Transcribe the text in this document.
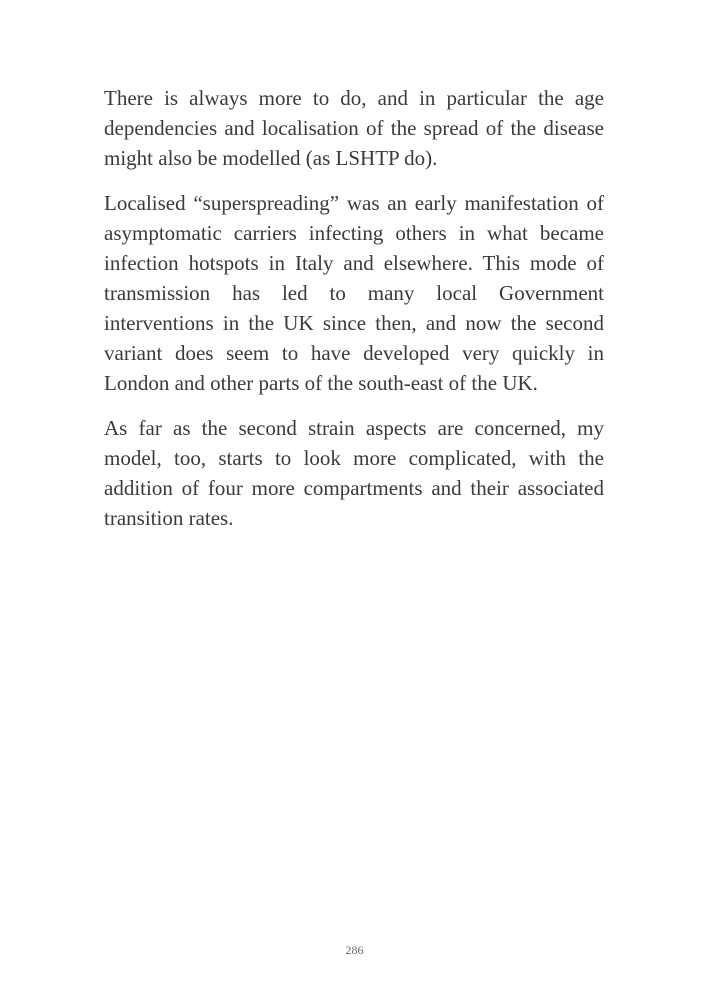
There is always more to do, and in particular the age dependencies and localisation of the spread of the disease might also be modelled (as LSHTP do).

Localised “superspreading” was an early manifestation of asymptomatic carriers infecting others in what became infection hotspots in Italy and elsewhere. This mode of transmission has led to many local Government interventions in the UK since then, and now the second variant does seem to have developed very quickly in London and other parts of the south-east of the UK.

As far as the second strain aspects are concerned, my model, too, starts to look more complicated, with the addition of four more compartments and their associated transition rates.

286
